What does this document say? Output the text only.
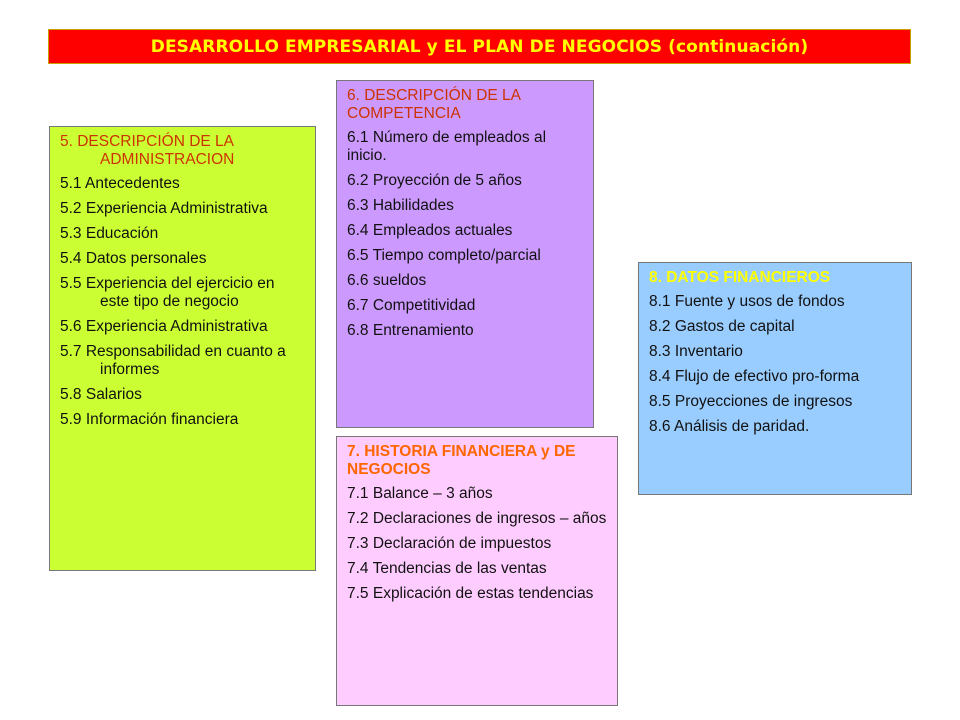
DESARROLLO EMPRESARIAL y EL PLAN DE NEGOCIOS (continuación)
5. DESCRIPCIÓN DE LA
ADMINISTRACION
5.1 Antecedentes
5.2 Experiencia Administrativa
5.3 Educación
5.4 Datos personales
5.5 Experiencia del ejercicio en este tipo de negocio
5.6 Experiencia Administrativa
5.7 Responsabilidad en cuanto a informes
5.8 Salarios
5.9 Información financiera
6. DESCRIPCIÓN DE LA COMPETENCIA
6.1 Número de empleados al inicio.
6.2 Proyección de 5 años
6.3 Habilidades
6.4 Empleados actuales
6.5 Tiempo completo/parcial
6.6 sueldos
6.7 Competitividad
6.8 Entrenamiento
7. HISTORIA FINANCIERA y DE NEGOCIOS
7.1 Balance – 3 años
7.2 Declaraciones de ingresos – años
7.3 Declaración de impuestos
7.4 Tendencias de las ventas
7.5 Explicación de estas tendencias
8. DATOS FINANCIEROS
8.1 Fuente y usos de fondos
8.2 Gastos de capital
8.3 Inventario
8.4 Flujo de efectivo pro-forma
8.5 Proyecciones de ingresos
8.6 Análisis de paridad.
